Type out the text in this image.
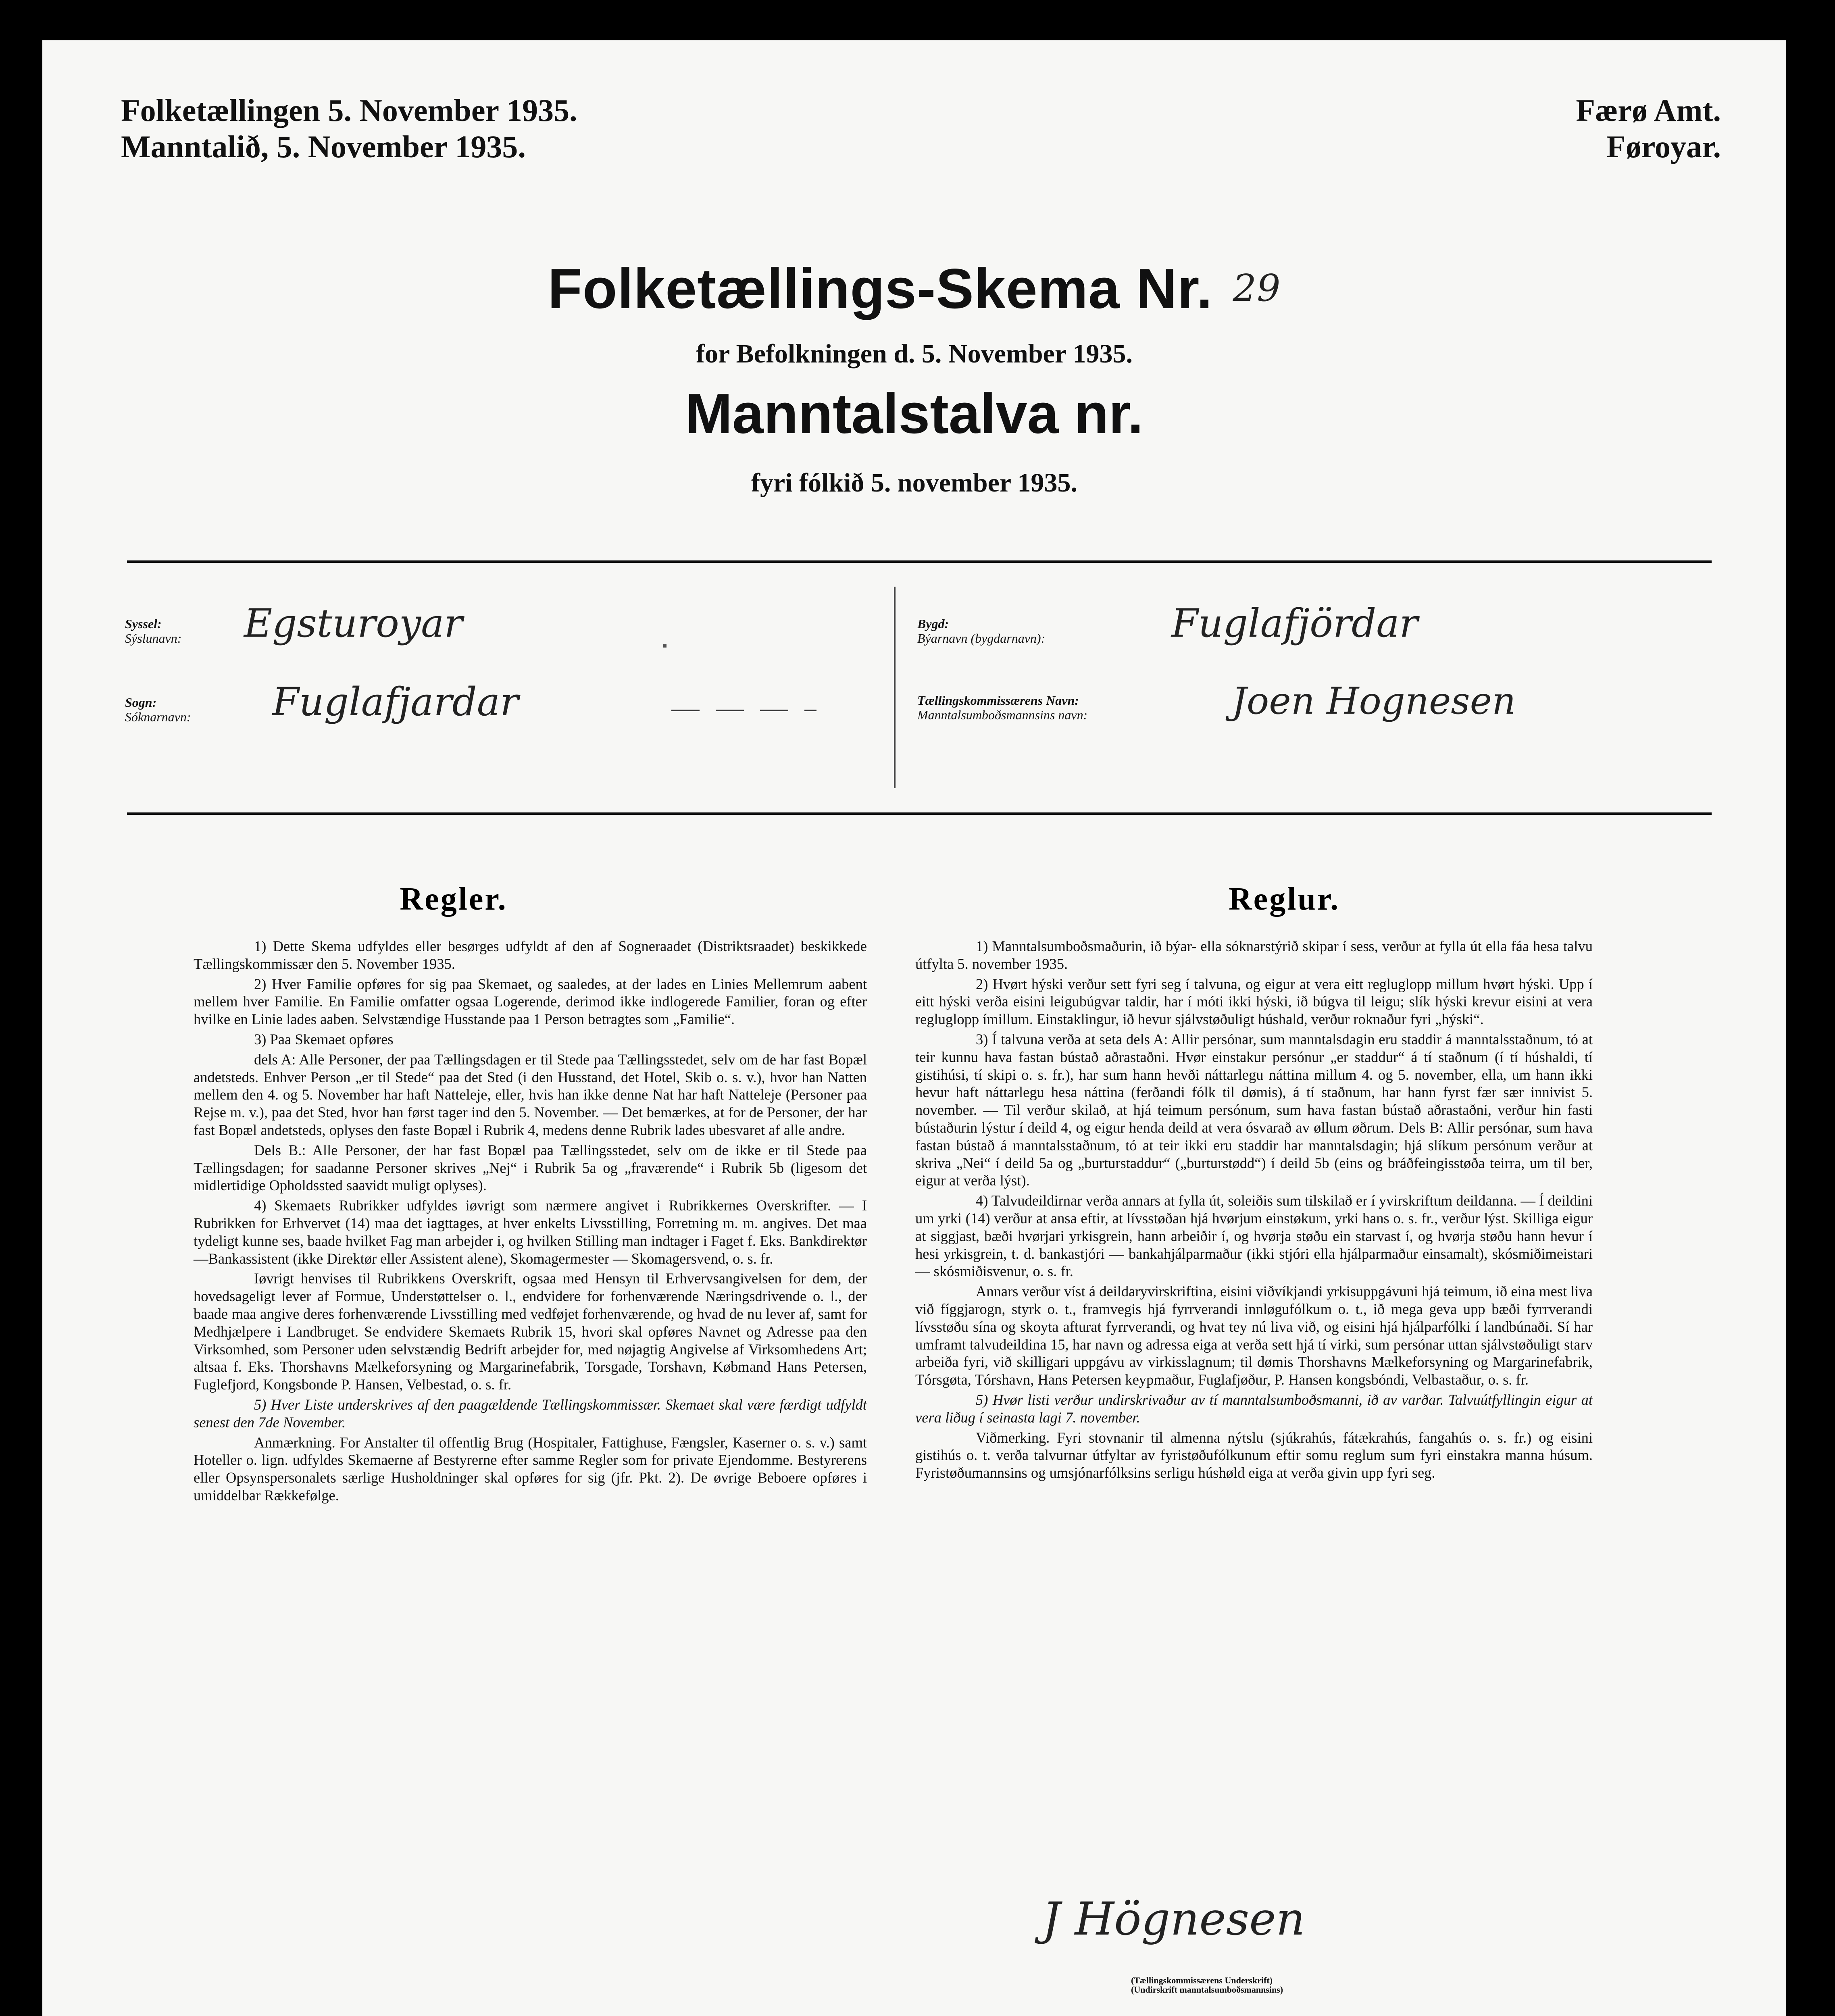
Folketællingen 5. November 1935.
Manntalið, 5. November 1935.
Færø Amt.
Føroyar.
Folketællings-Skema Nr. 29
for Befolkningen d. 5. November 1935.
Manntalstalva nr.
fyri fólkið 5. november 1935.
Syssel:
Sýslunavn: Egsturoyar
Sogn:
Sóknarnavn: Fuglafjardar
Bygd:
Býarnavn (bygdarnavn):	Fuglafjördar
Tællingskommissærens Navn:
Manntalsumboðsmannsins navn:	Joen Hognesen
Regler.	Reglur.

1) Dette Skema udfyldes eller besørges udfyldt af den af Sogneraadet (Distriktsraadet) beskikkede Tællingskommissær den 5. November 1935.

2) Hver Familie opføres for sig paa Skemaet, og saaledes, at der lades en Linies Mellemrum aabent mellem hver Familie. En Familie omfatter ogsaa Logerende, derimod ikke indlogerede Familier, foran og efter hvilke en Linie lades aaben. Selvstændige Husstande paa 1 Person betragtes som „Familie“.

3) Paa Skemaet opføres

dels A: Alle Personer, der paa Tællingsdagen er til Stede paa Tællingsstedet, selv om de har fast Bopæl andetsteds. Enhver Person „er til Stede“ paa det Sted (i den Husstand, det Hotel, Skib o. s. v.), hvor han Natten mellem den 4. og 5. November har haft Natteleje, eller, hvis han ikke denne Nat har haft Natteleje (Personer paa Rejse m. v.), paa det Sted, hvor han først tager ind den 5. November. — Det bemærkes, at for de Personer, der har fast Bopæl andetsteds, oplyses den faste Bopæl i Rubrik 4, medens denne Rubrik lades ubesvaret af alle andre.

Dels B.: Alle Personer, der har fast Bopæl paa Tællingsstedet, selv om de ikke er til Stede paa Tællingsdagen; for saadanne Personer skrives „Nej“ i Rubrik 5a og „fraværende“ i Rubrik 5b (ligesom det midlertidige Opholdssted saavidt muligt oplyses).

4) Skemaets Rubrikker udfyldes iøvrigt som nærmere angivet i Rubrikkernes Overskrifter. — I Rubrikken for Erhvervet (14) maa det iagttages, at hver enkelts Livsstilling, Forretning m. m. angives. Det maa tydeligt kunne ses, baade hvilket Fag man arbejder i, og hvilken Stilling man indtager i Faget f. Eks. Bankdirektør—Bankassistent (ikke Direktør eller Assistent alene), Skomagermester — Skomagersvend, o. s. fr.

Iøvrigt henvises til Rubrikkens Overskrift, ogsaa med Hensyn til Erhvervsangivelsen for dem, der hovedsageligt lever af Formue, Understøttelser o. l., endvidere for forhenværende Næringsdrivende o. l., der baade maa angive deres forhenværende Livsstilling med vedføjet forhenværende, og hvad de nu lever af, samt for Medhjælpere i Landbruget. Se endvidere Skemaets Rubrik 15, hvori skal opføres Navnet og Adresse paa den Virksomhed, som Personer uden selvstændig Bedrift arbejder for, med nøjagtig Angivelse af Virksomhedens Art; altsaa f. Eks. Thorshavns Mælkeforsyning og Margarinefabrik, Torsgade, Torshavn, Købmand Hans Petersen, Fuglefjord, Kongsbonde P. Hansen, Velbestad, o. s. fr.

5) Hver Liste underskrives af den paagældende Tællingskommissær. Skemaet skal være færdigt udfyldt senest den 7de November.

Anmærkning. For Anstalter til offentlig Brug (Hospitaler, Fattighuse, Fængsler, Kaserner o. s. v.) samt Hoteller o. lign. udfyldes Skemaerne af Bestyrerne efter samme Regler som for private Ejendomme. Bestyrerens eller Opsynspersonalets særlige Husholdninger skal opføres for sig (jfr. Pkt. 2). De øvrige Beboere opføres i umiddelbar Rækkefølge.

1) Manntalsumboðsmaðurin, ið býar- ella sóknarstýrið skipar í sess, verður at fylla út ella fáa hesa talvu útfylta 5. november 1935.

2) Hvørt hýski verður sett fyri seg í talvuna, og eigur at vera eitt regluglopp millum hvørt hýski. Upp í eitt hýski verða eisini leigubúgvar taldir, har í móti ikki hýski, ið búgva til leigu; slík hýski krevur eisini at vera regluglopp ímillum. Einstaklingur, ið hevur sjálvstøðuligt húshald, verður roknaður fyri „hýski“.

3) Í talvuna verða at seta dels A: Allir persónar, sum manntalsdagin eru staddir á manntalsstaðnum, tó at teir kunnu hava fastan bústað aðrastaðni. Hvør einstakur persónur „er staddur“ á tí staðnum (í tí húshaldi, tí gistihúsi, tí skipi o. s. fr.), har sum hann hevði náttarlegu náttina millum 4. og 5. november, ella, um hann ikki hevur haft náttarlegu hesa náttina (ferðandi fólk til dømis), á tí staðnum, har hann fyrst fær sær innivist 5. november. — Til verður skilað, at hjá teimum persónum, sum hava fastan bústað aðrastaðni, verður hin fasti bústaðurin lýstur í deild 4, og eigur henda deild at vera ósvarað av øllum øðrum. Dels B: Allir persónar, sum hava fastan bústað á manntalsstaðnum, tó at teir ikki eru staddir har manntalsdagin; hjá slíkum persónum verður at skriva „Nei“ í deild 5a og „burturstaddur“ („burturstødd“) í deild 5b (eins og bráðfeingisstøða teirra, um til ber, eigur at verða lýst).

4) Talvudeildirnar verða annars at fylla út, soleiðis sum tilskilað er í yvirskriftum deildanna. — Í deildini um yrki (14) verður at ansa eftir, at lívsstøðan hjá hvørjum einstøkum, yrki hans o. s. fr., verður lýst. Skilliga eigur at siggjast, bæði hvørjari yrkisgrein, hann arbeiðir í, og hvørja støðu ein starvast í, og hvørja støðu hann hevur í hesi yrkisgrein, t. d. bankastjóri — bankahjálparmaður (ikki stjóri ella hjálparmaður einsamalt), skósmiðimeistari — skósmiðisvenur, o. s. fr.

Annars verður víst á deildaryvirskriftina, eisini viðvíkjandi yrkisuppgávuni hjá teimum, ið eina mest liva við fíggjarogn, styrk o. t., framvegis hjá fyrrverandi innløgufólkum o. t., ið mega geva upp bæði fyrrverandi lívsstøðu sína og skoyta afturat fyrrverandi, og hvat tey nú liva við, og eisini hjá hjálparfólki í landbúnaði. Sí har umframt talvudeildina 15, har navn og adressa eiga at verða sett hjá tí virki, sum persónar uttan sjálvstøðuligt starv arbeiða fyri, við skilligari uppgávu av virkisslagnum; til dømis Thorshavns Mælkeforsyning og Margarinefabrik, Tórsgøta, Tórshavn, Hans Petersen keypmaður, Fuglafjøður, P. Hansen kongsbóndi, Velbastaður, o. s. fr.

5) Hvør listi verður undirskrivaður av tí manntalsumboðsmanni, ið av varðar. Talvuútfyllingin eigur at vera liðug í seinasta lagi 7. november.

Viðmerking. Fyri stovnanir til almenna nýtslu (sjúkrahús, fátækrahús, fangahús o. s. fr.) og eisini gistihús o. t. verða talvurnar útfyltar av fyristøðufólkunum eftir somu reglum sum fyri einstakra manna húsum. Fyristøðumannsins og umsjónarfólksins serligu húshøld eiga at verða givin upp fyri seg.

J Högnesen
(Tællingskommissærens Underskrift)
(Undirskrift manntalsumboðsmannsins)
